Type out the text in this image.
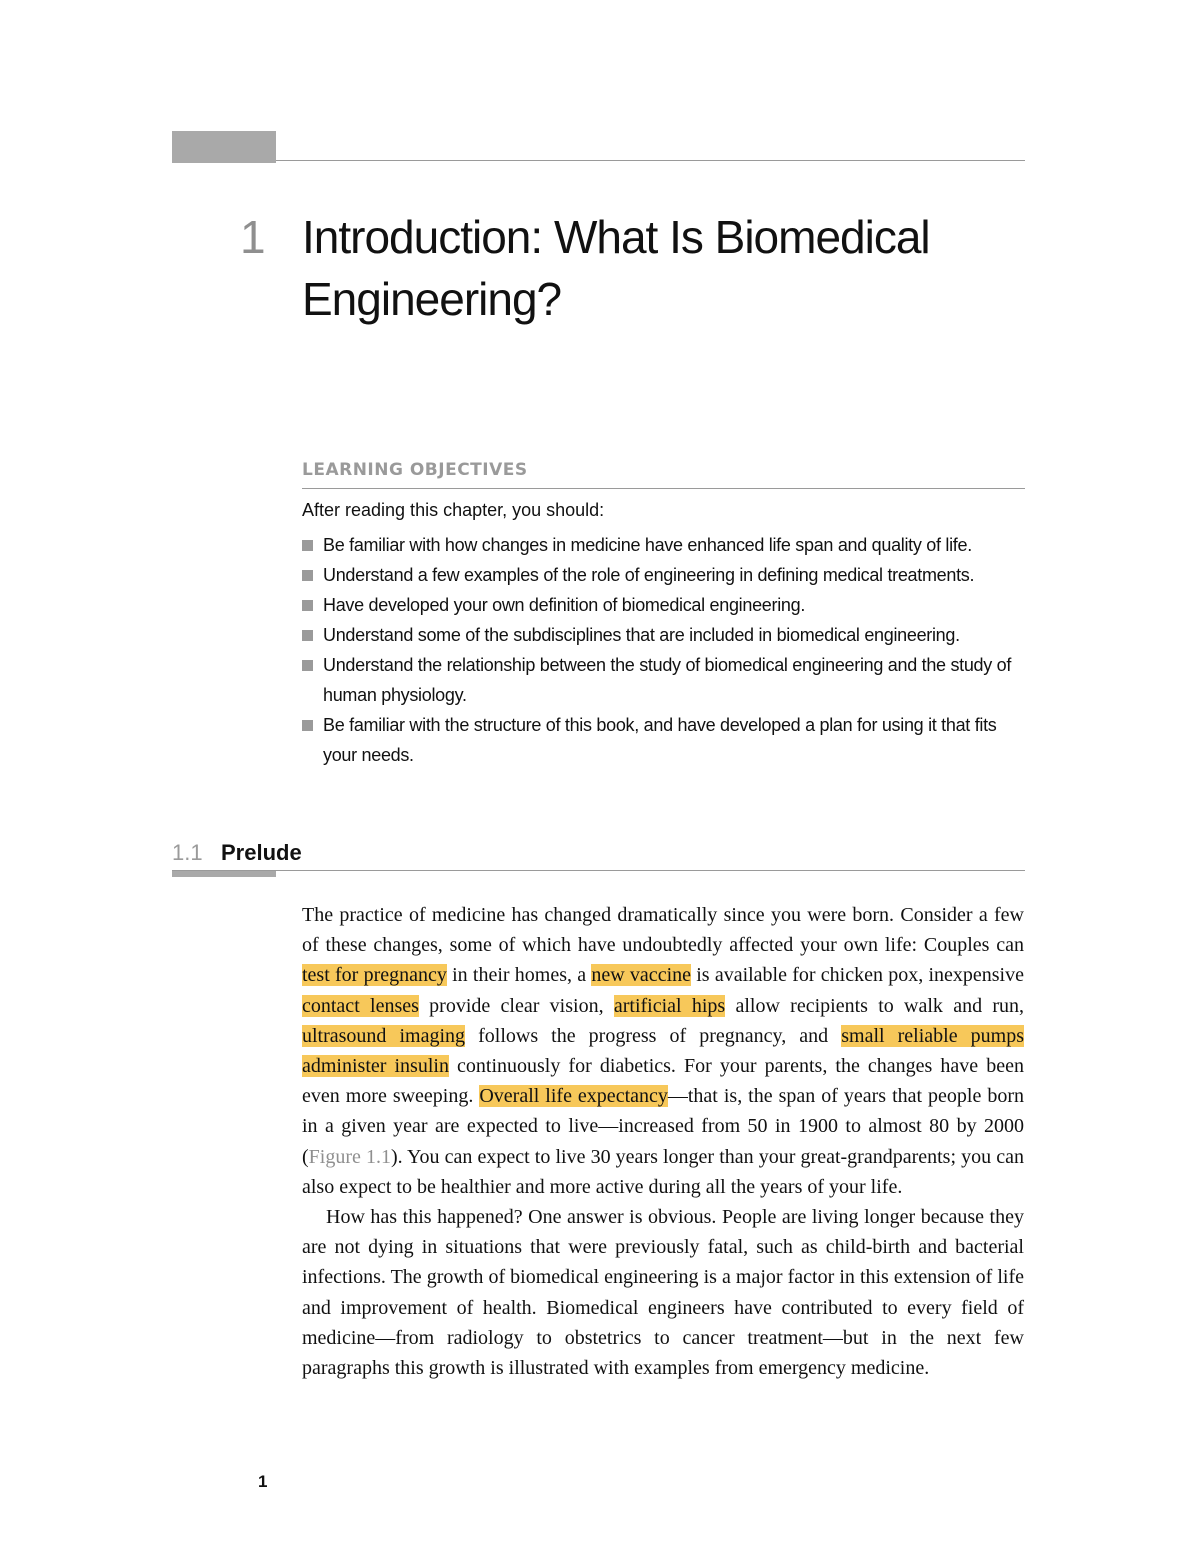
1 Introduction: What Is Biomedical Engineering?
LEARNING OBJECTIVES
After reading this chapter, you should:
Be familiar with how changes in medicine have enhanced life span and quality of life.
Understand a few examples of the role of engineering in defining medical treatments.
Have developed your own definition of biomedical engineering.
Understand some of the subdisciplines that are included in biomedical engineering.
Understand the relationship between the study of biomedical engineering and the study of human physiology.
Be familiar with the structure of this book, and have developed a plan for using it that fits your needs.
1.1 Prelude

The practice of medicine has changed dramatically since you were born. Consider a few of these changes, some of which have undoubtedly affected your own life: Couples can test for pregnancy in their homes, a new vaccine is available for chicken pox, inexpensive contact lenses provide clear vision, artificial hips allow recipients to walk and run, ultrasound imaging follows the progress of pregnancy, and small reliable pumps administer insulin continuously for diabetics. For your parents, the changes have been even more sweeping. Overall life expectancy—that is, the span of years that people born in a given year are expected to live—increased from 50 in 1900 to almost 80 by 2000 (Figure 1.1). You can expect to live 30 years longer than your great-grandparents; you can also expect to be healthier and more active during all the years of your life.

How has this happened? One answer is obvious. People are living longer because they are not dying in situations that were previously fatal, such as child-birth and bacterial infections. The growth of biomedical engineering is a major factor in this extension of life and improvement of health. Biomedical engineers have contributed to every field of medicine—from radiology to obstetrics to cancer treatment—but in the next few paragraphs this growth is illustrated with examples from emergency medicine.

1
